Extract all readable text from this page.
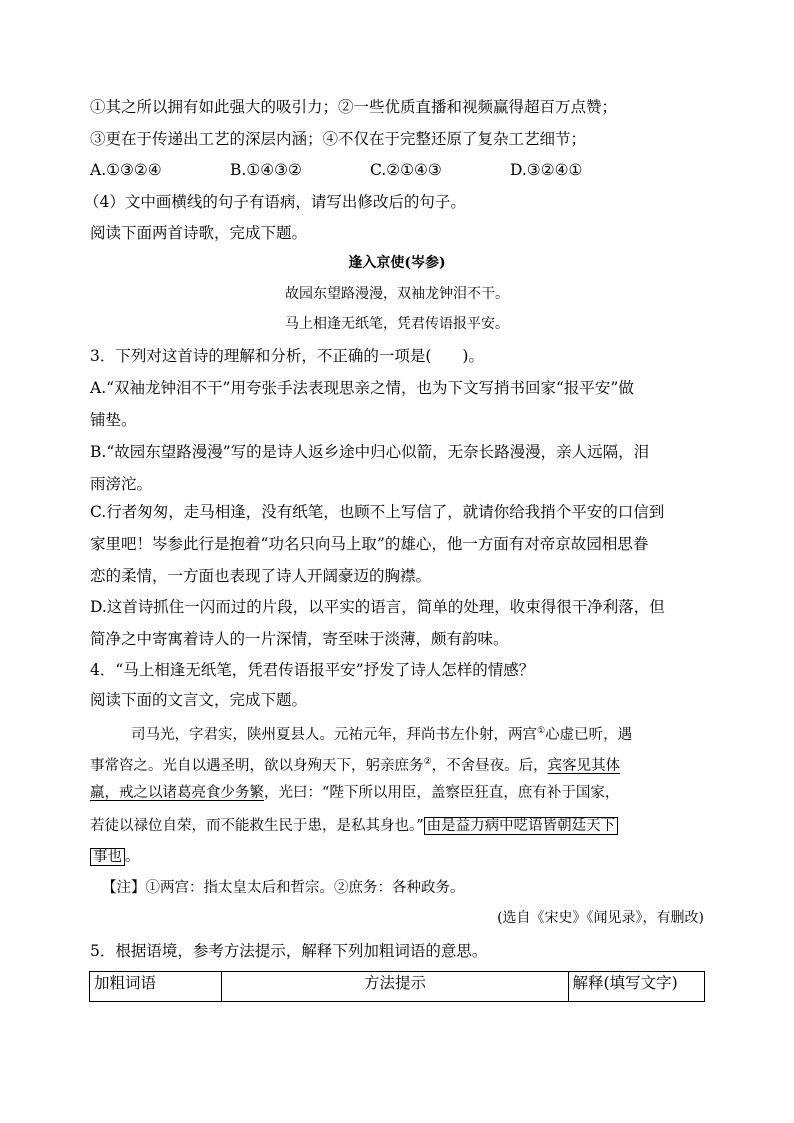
①其之所以拥有如此强大的吸引力；②一些优质直播和视频赢得超百万点赞；
③更在于传递出工艺的深层内涵；④不仅在于完整还原了复杂工艺细节；
A.①③②④	B.①④③②	C.②①④③	D.③②④①
（4）文中画横线的句子有语病，请写出修改后的句子。
阅读下面两首诗歌，完成下题。
逢入京使(岑参)
故园东望路漫漫，双袖龙钟泪不干。
马上相逢无纸笔，凭君传语报平安。
3．下列对这首诗的理解和分析，不正确的一项是(　　)。
A.“双袖龙钟泪不干”用夸张手法表现思亲之情，也为下文写捎书回家“报平安”做
铺垫。
B.“故园东望路漫漫”写的是诗人返乡途中归心似箭，无奈长路漫漫，亲人远隔，泪
雨滂沱。
C.行者匆匆，走马相逢，没有纸笔，也顾不上写信了，就请你给我捎个平安的口信到
家里吧！岑参此行是抱着“功名只向马上取”的雄心，他一方面有对帝京故园相思眷
恋的柔情，一方面也表现了诗人开阔豪迈的胸襟。
D.这首诗抓住一闪而过的片段，以平实的语言，简单的处理，收束得很干净利落，但
简净之中寄寓着诗人的一片深情，寄至味于淡薄，颇有韵味。
4．“马上相逢无纸笔，凭君传语报平安”抒发了诗人怎样的情感？
阅读下面的文言文，完成下题。
司马光，字君实，陕州夏县人。元祐元年，拜尚书左仆射，两宫①心虚已听，遇
事常咨之。光自以遇圣明，欲以身殉天下，躬亲庶务②，不舍昼夜。后，宾客见其体
羸，戒之以诸葛亮食少务繁，光曰：“陛下所以用臣，盖察臣狂直，庶有补于国家，
若徒以禄位自荣，而不能救生民于患，是私其身也。” 由是益力病中呓语皆朝廷天下
事也 。
【注】①两宫：指太皇太后和哲宗。②庶务：各种政务。
(选自《宋史》《闻见录》，有删改)
5．根据语境，参考方法提示，解释下列加粗词语的意思。
加粗词语	方法提示	解释(填写文字)
